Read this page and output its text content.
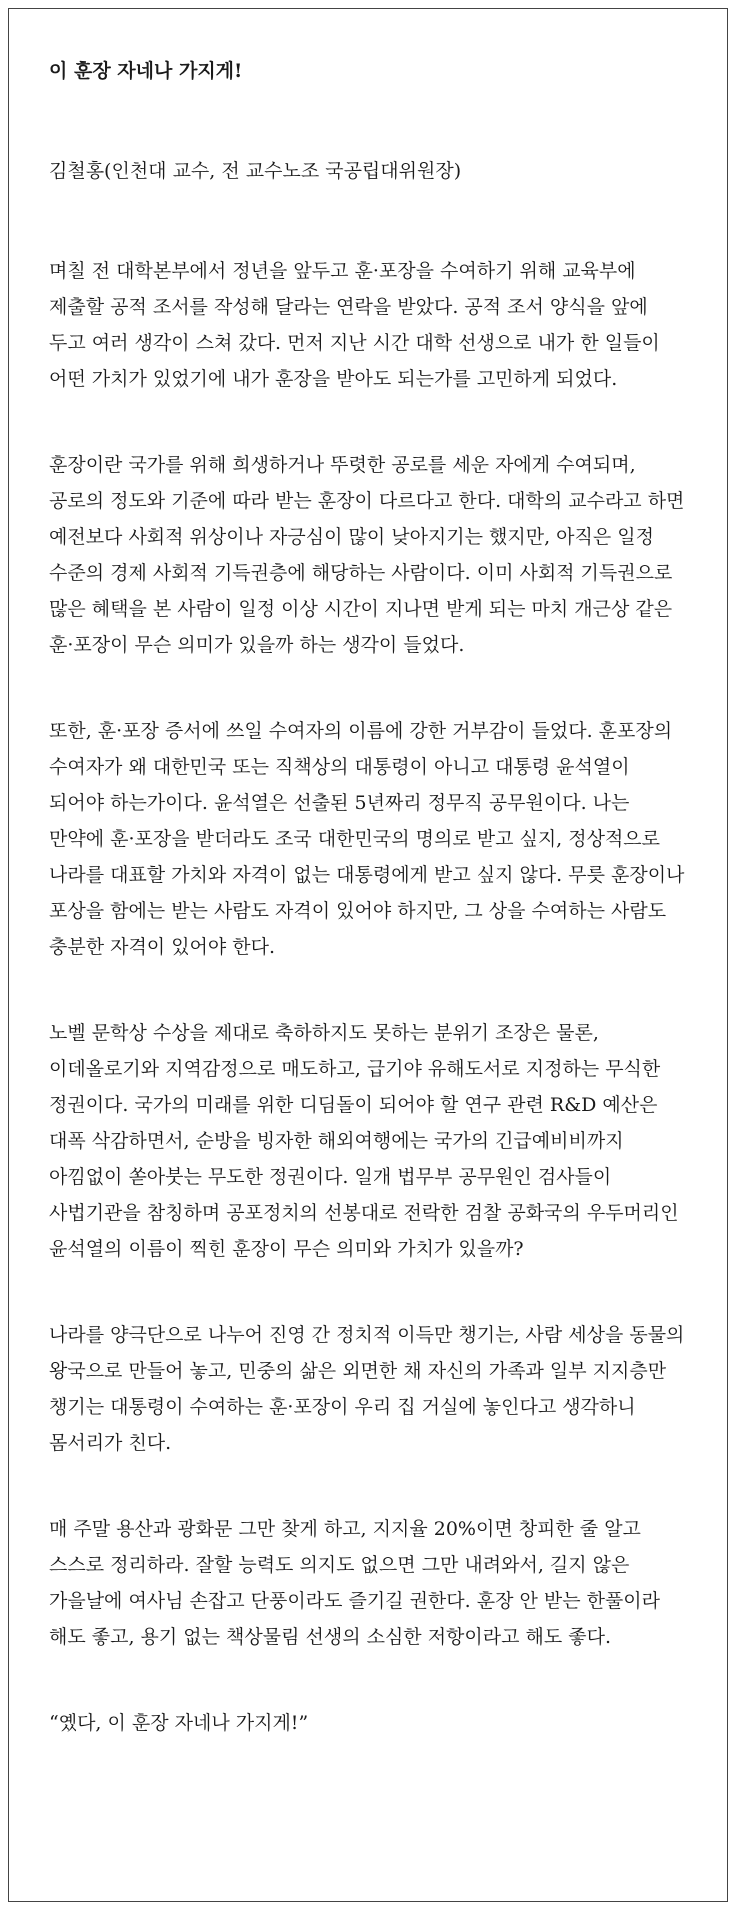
이 훈장 자네나 가지게!

김철홍(인천대 교수, 전 교수노조 국공립대위원장)

며칠 전 대학본부에서 정년을 앞두고 훈·포장을 수여하기 위해 교육부에 제출할 공적 조서를 작성해 달라는 연락을 받았다. 공적 조서 양식을 앞에 두고 여러 생각이 스쳐 갔다. 먼저 지난 시간 대학 선생으로 내가 한 일들이 어떤 가치가 있었기에 내가 훈장을 받아도 되는가를 고민하게 되었다.

훈장이란 국가를 위해 희생하거나 뚜렷한 공로를 세운 자에게 수여되며, 공로의 정도와 기준에 따라 받는 훈장이 다르다고 한다. 대학의 교수라고 하면 예전보다 사회적 위상이나 자긍심이 많이 낮아지기는 했지만, 아직은 일정 수준의 경제 사회적 기득권층에 해당하는 사람이다. 이미 사회적 기득권으로 많은 혜택을 본 사람이 일정 이상 시간이 지나면 받게 되는 마치 개근상 같은 훈·포장이 무슨 의미가 있을까 하는 생각이 들었다.

또한, 훈·포장 증서에 쓰일 수여자의 이름에 강한 거부감이 들었다. 훈포장의 수여자가 왜 대한민국 또는 직책상의 대통령이 아니고 대통령 윤석열이 되어야 하는가이다. 윤석열은 선출된 5년짜리 정무직 공무원이다. 나는 만약에 훈·포장을 받더라도 조국 대한민국의 명의로 받고 싶지, 정상적으로 나라를 대표할 가치와 자격이 없는 대통령에게 받고 싶지 않다. 무릇 훈장이나 포상을 함에는 받는 사람도 자격이 있어야 하지만, 그 상을 수여하는 사람도 충분한 자격이 있어야 한다.

노벨 문학상 수상을 제대로 축하하지도 못하는 분위기 조장은 물론, 이데올로기와 지역감정으로 매도하고, 급기야 유해도서로 지정하는 무식한 정권이다. 국가의 미래를 위한 디딤돌이 되어야 할 연구 관련 R&D 예산은 대폭 삭감하면서, 순방을 빙자한 해외여행에는 국가의 긴급예비비까지 아낌없이 쏟아붓는 무도한 정권이다. 일개 법무부 공무원인 검사들이 사법기관을 참칭하며 공포정치의 선봉대로 전락한 검찰 공화국의 우두머리인 윤석열의 이름이 찍힌 훈장이 무슨 의미와 가치가 있을까?

나라를 양극단으로 나누어 진영 간 정치적 이득만 챙기는, 사람 세상을 동물의 왕국으로 만들어 놓고, 민중의 삶은 외면한 채 자신의 가족과 일부 지지층만 챙기는 대통령이 수여하는 훈·포장이 우리 집 거실에 놓인다고 생각하니 몸서리가 친다.

매 주말 용산과 광화문 그만 찾게 하고, 지지율 20%이면 창피한 줄 알고 스스로 정리하라. 잘할 능력도 의지도 없으면 그만 내려와서, 길지 않은 가을날에 여사님 손잡고 단풍이라도 즐기길 권한다. 훈장 안 받는 한풀이라 해도 좋고, 용기 없는 책상물림 선생의 소심한 저항이라고 해도 좋다.

“옜다, 이 훈장 자네나 가지게!”
